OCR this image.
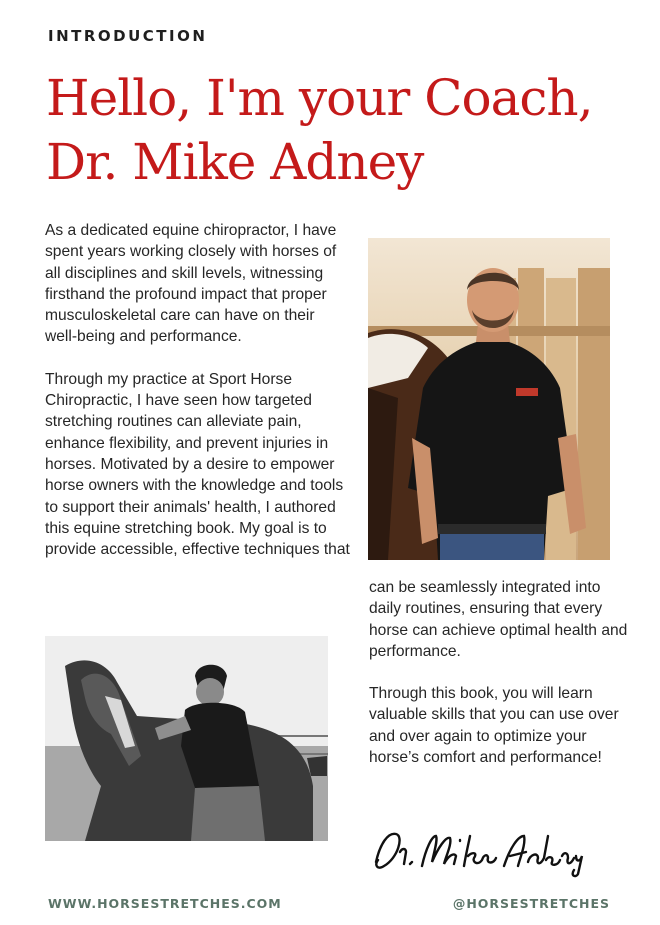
INTRODUCTION
Hello, I'm your Coach,
Dr. Mike Adney

As a dedicated equine chiropractor, I have spent years working closely with horses of all disciplines and skill levels, witnessing firsthand the profound impact that proper musculoskeletal care can have on their well-being and performance.

Through my practice at Sport Horse Chiropractic, I have seen how targeted stretching routines can alleviate pain, enhance flexibility, and prevent injuries in horses. Motivated by a desire to empower horse owners with the knowledge and tools to support their animals' health, I authored this equine stretching book. My goal is to provide accessible, effective techniques that

can be seamlessly integrated into daily routines, ensuring that every horse can achieve optimal health and performance.

Through this book, you will learn valuable skills that you can use over and over again to optimize your horse’s comfort and performance!

WWW.HORSESTRETCHES.COM	@HORSESTRETCHES
